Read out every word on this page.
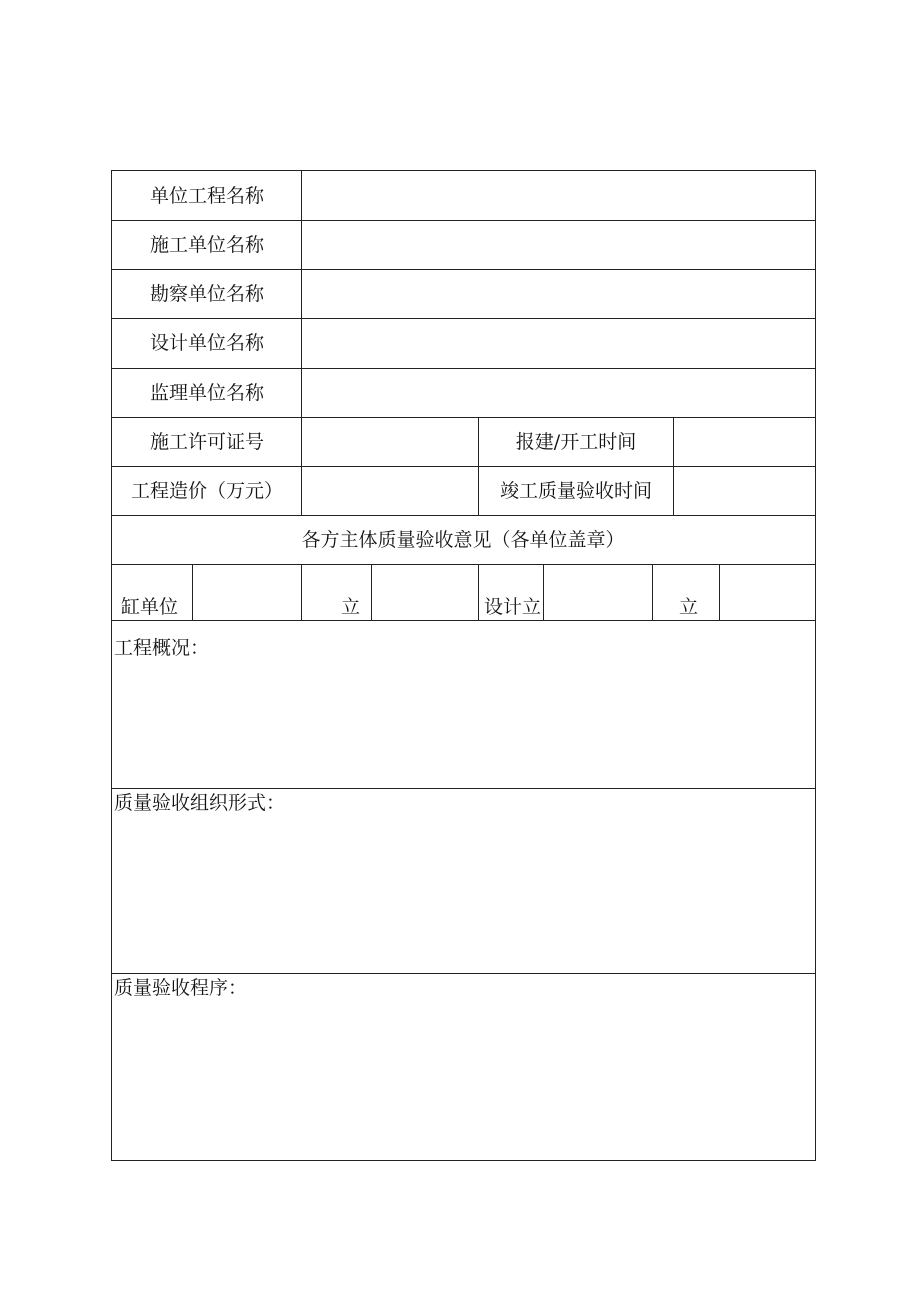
单位工程名称
施工单位名称
勘察单位名称
设计单位名称
监理单位名称
施工许可证号	报建/开工时间
工程造价（万元）	竣工质量验收时间
各方主体质量验收意见（各单位盖章）
缸单位	立	设计立	立
工程概况：
质量验收组织形式：
质量验收程序：
